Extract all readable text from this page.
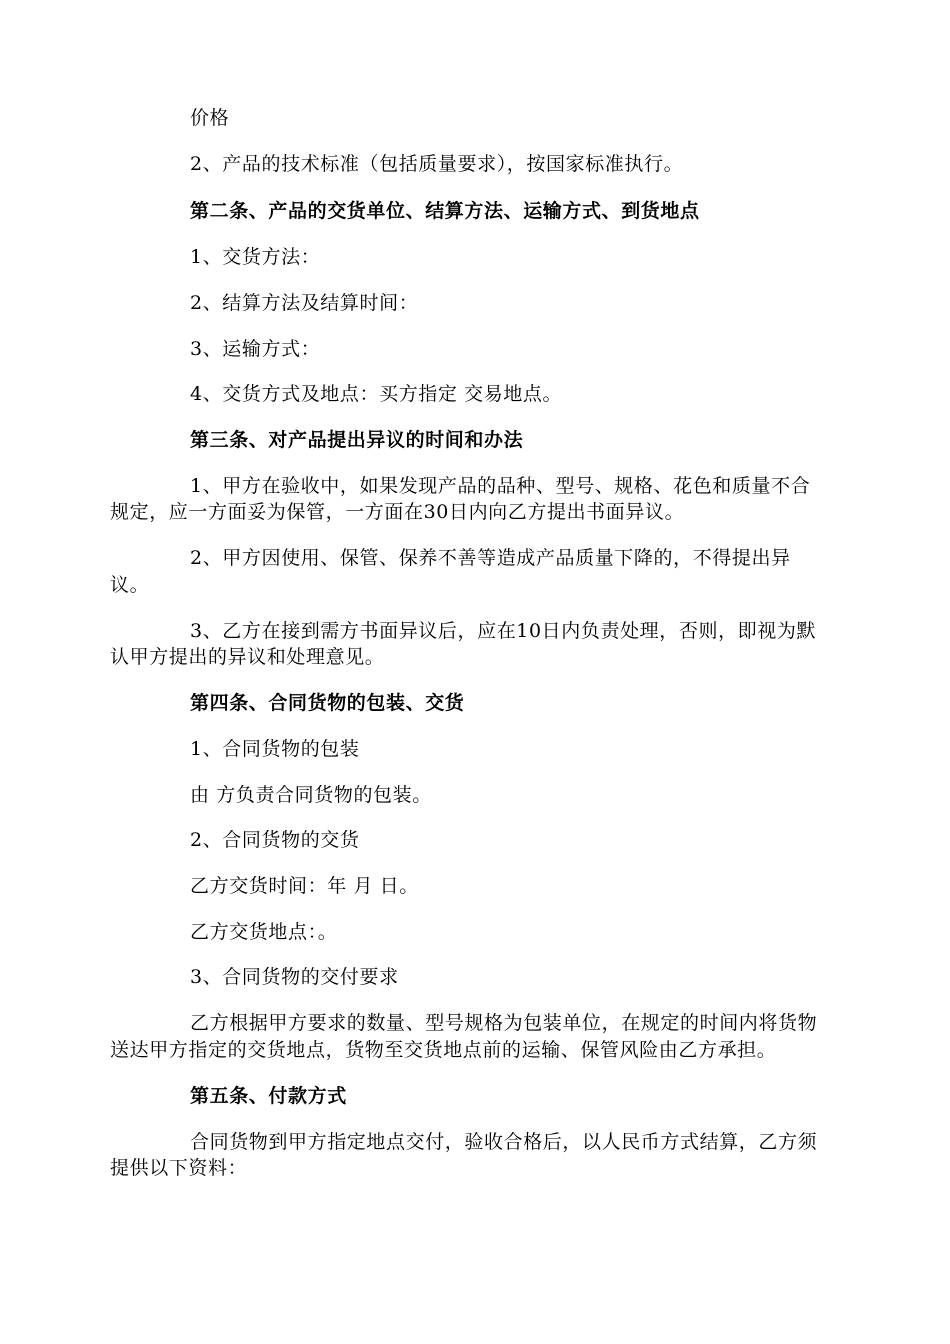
价格
2、产品的技术标准（包括质量要求），按国家标准执行。
第二条、产品的交货单位、结算方法、运输方式、到货地点
1、交货方法：
2、结算方法及结算时间：
3、运输方式：
4、交货方式及地点：买方指定 交易地点。
第三条、对产品提出异议的时间和办法
1、甲方在验收中，如果发现产品的品种、型号、规格、花色和质量不合
规定，应一方面妥为保管，一方面在30日内向乙方提出书面异议。
2、甲方因使用、保管、保养不善等造成产品质量下降的，不得提出异
议。
3、乙方在接到需方书面异议后，应在10日内负责处理，否则，即视为默
认甲方提出的异议和处理意见。
第四条、合同货物的包装、交货
1、合同货物的包装
由 方负责合同货物的包装。
2、合同货物的交货
乙方交货时间：年 月 日。
乙方交货地点：。
3、合同货物的交付要求
乙方根据甲方要求的数量、型号规格为包装单位，在规定的时间内将货物
送达甲方指定的交货地点，货物至交货地点前的运输、保管风险由乙方承担。
第五条、付款方式
合同货物到甲方指定地点交付，验收合格后，以人民币方式结算，乙方须
提供以下资料：
